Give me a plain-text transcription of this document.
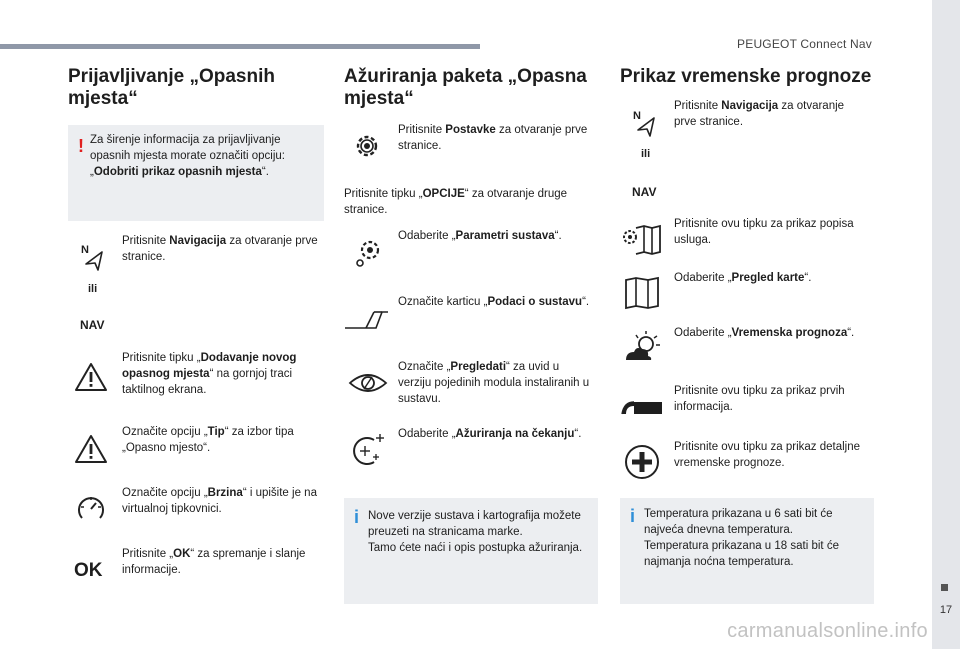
PEUGEOT Connect Nav
17
carmanualsonline.info
Prijavljivanje „Opasnih mjesta“
! Za širenje informacija za prijavljivanje opasnih mjesta morate označiti opciju: „Odobriti prikaz opasnih mjesta“.
N
ili
NAV
Pritisnite Navigacija za otvaranje prve stranice.
Pritisnite tipku „Dodavanje novog opasnog mjesta“ na gornjoj traci taktilnog ekrana.
Označite opciju „Tip“ za izbor tipa „Opasno mjesto“.
Označite opciju „Brzina“ i upišite je na virtualnoj tipkovnici.
OK
Pritisnite „OK“ za spremanje i slanje informacije.
Ažuriranja paketa „Opasna mjesta“
Pritisnite Postavke za otvaranje prve stranice.
Pritisnite tipku „OPCIJE“ za otvaranje druge stranice.
Odaberite „Parametri sustava“.
Označite karticu „Podaci o sustavu“.
Označite „Pregledati“ za uvid u verziju pojedinih modula instaliranih u sustavu.
Odaberite „Ažuriranja na čekanju“.
i Nove verzije sustava i kartografija možete preuzeti na stranicama marke.
Tamo ćete naći i opis postupka ažuriranja.
Prikaz vremenske prognoze
N
ili
NAV
Pritisnite Navigacija za otvaranje prve stranice.
Pritisnite ovu tipku za prikaz popisa usluga.
Odaberite „Pregled karte“.
Odaberite „Vremenska prognoza“.
Pritisnite ovu tipku za prikaz prvih informacija.
Pritisnite ovu tipku za prikaz detaljne vremenske prognoze.
i Temperatura prikazana u 6 sati bit će najveća dnevna temperatura.
Temperatura prikazana u 18 sati bit će najmanja noćna temperatura.
